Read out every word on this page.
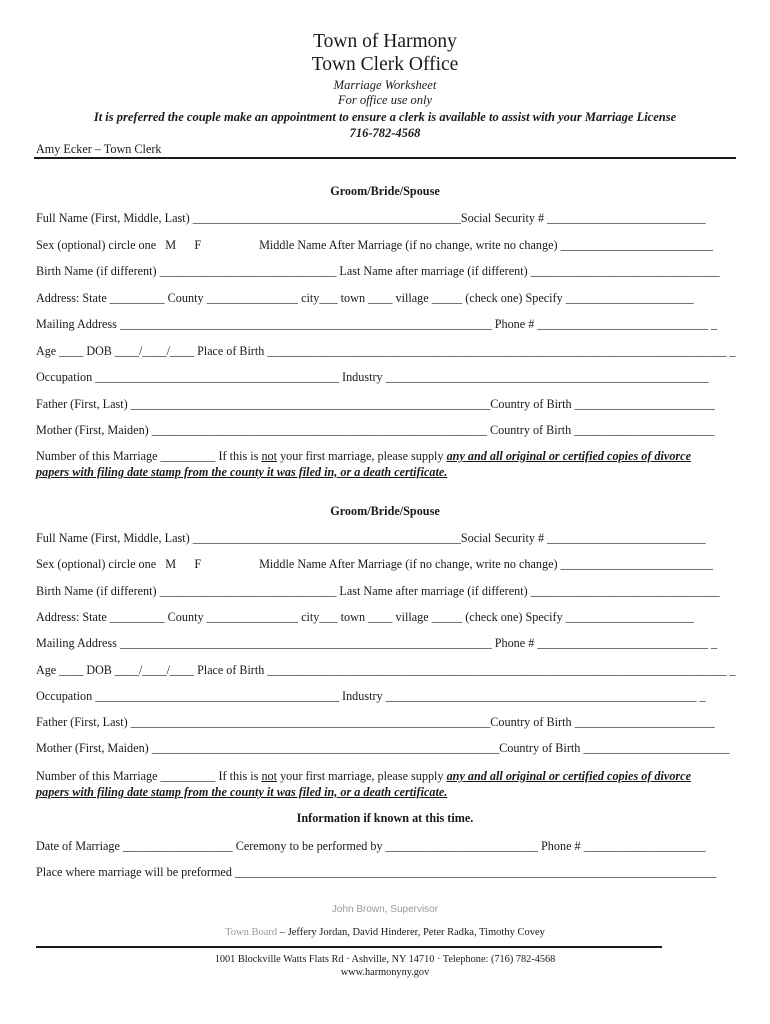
Town of Harmony
Town Clerk Office
Marriage Worksheet
For office use only
It is preferred the couple make an appointment to ensure a clerk is available to assist with your Marriage License
716-782-4568
Amy Ecker – Town Clerk
Groom/Bride/Spouse
Full Name (First, Middle, Last) ____________________________________________Social Security # __________________________
Sex (optional) circle one   M      F                   Middle Name After Marriage (if no change, write no change) _________________________
Birth Name (if different) _____________________________ Last Name after marriage (if different) _______________________________
Address: State _________ County _______________ city___ town ____ village _____ (check one) Specify _____________________
Mailing Address _____________________________________________________________ Phone # ____________________________ _
Age ____ DOB ____/____/____ Place of Birth ____________________________________________________________________________ _
Occupation ________________________________________ Industry _____________________________________________________
Father (First, Last) ___________________________________________________________Country of Birth _______________________
Mother (First, Maiden) _______________________________________________________ Country of Birth _______________________
Number of this Marriage _________ If this is not your first marriage, please supply any and all original or certified copies of divorce
papers with filing date stamp from the county it was filed in, or a death certificate.
Groom/Bride/Spouse
Full Name (First, Middle, Last) ____________________________________________Social Security # __________________________
Sex (optional) circle one   M      F                   Middle Name After Marriage (if no change, write no change) _________________________
Birth Name (if different) _____________________________ Last Name after marriage (if different) _______________________________
Address: State _________ County _______________ city___ town ____ village _____ (check one) Specify _____________________
Mailing Address _____________________________________________________________ Phone # ____________________________ _
Age ____ DOB ____/____/____ Place of Birth ____________________________________________________________________________ _
Occupation ________________________________________ Industry ___________________________________________________ _
Father (First, Last) ___________________________________________________________Country of Birth _______________________
Mother (First, Maiden) _________________________________________________________Country of Birth ________________________
Number of this Marriage _________ If this is not your first marriage, please supply any and all original or certified copies of divorce
papers with filing date stamp from the county it was filed in, or a death certificate.
Information if known at this time.
Date of Marriage __________________ Ceremony to be performed by _________________________ Phone # ____________________
Place where marriage will be preformed _______________________________________________________________________________
John Brown, Supervisor
Town Board – Jeffery Jordan, David Hinderer, Peter Radka, Timothy Covey
1001 Blockville Watts Flats Rd · Ashville, NY 14710 · Telephone: (716) 782-4568
www.harmonyny.gov
